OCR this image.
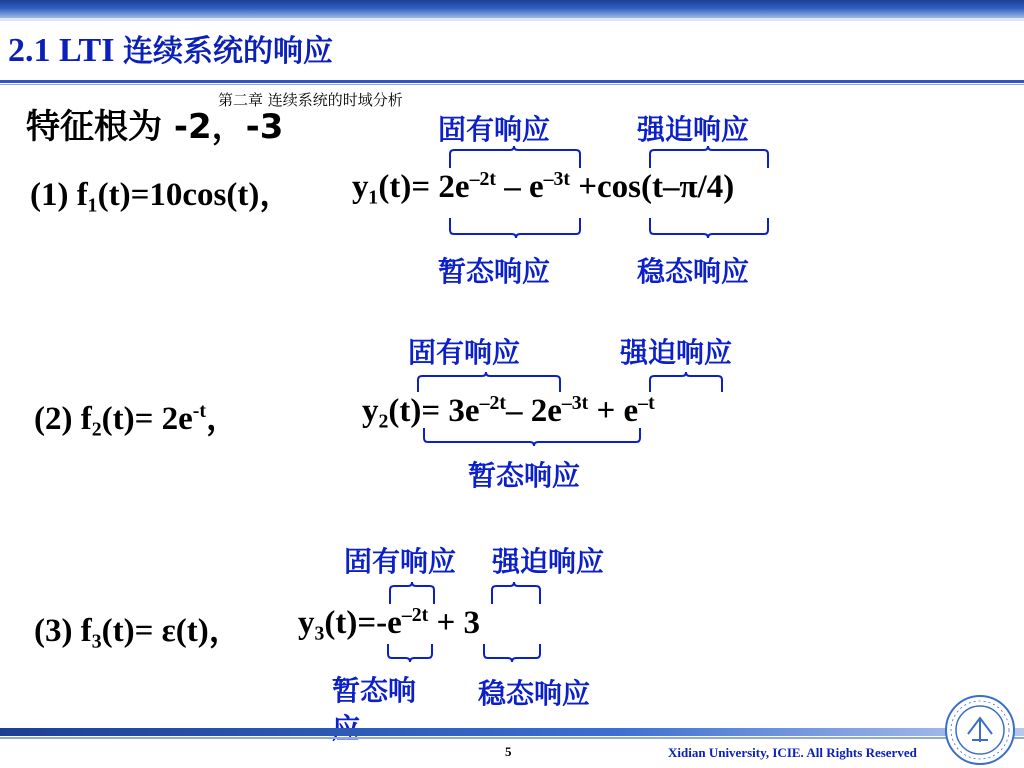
2.1 LTI 连续系统的响应
第二章 连续系统的时域分析
特征根为 -2，-3
(1) f₁(t)=10cos(t)， $y_1(t)= 2e^{-2t} - e^{-3t} +\cos(t-\pi/4)$
固有响应	强迫响应
暂态响应	稳态响应
(2) $f_2(t)= 2e^{-t}$，	$y_2(t)= 3e^{-2t}-$ $2e^{-3t} + e^{-t}$
固有响应	强迫响应
暂态响应
(3) f₃(t)= ε(t)， $y_3(t)=-e^{-2t} + 3$
固有响应 强迫响应
暂态响	稳态响应
5	Xidian University, ICIE. All Rights Reserved
